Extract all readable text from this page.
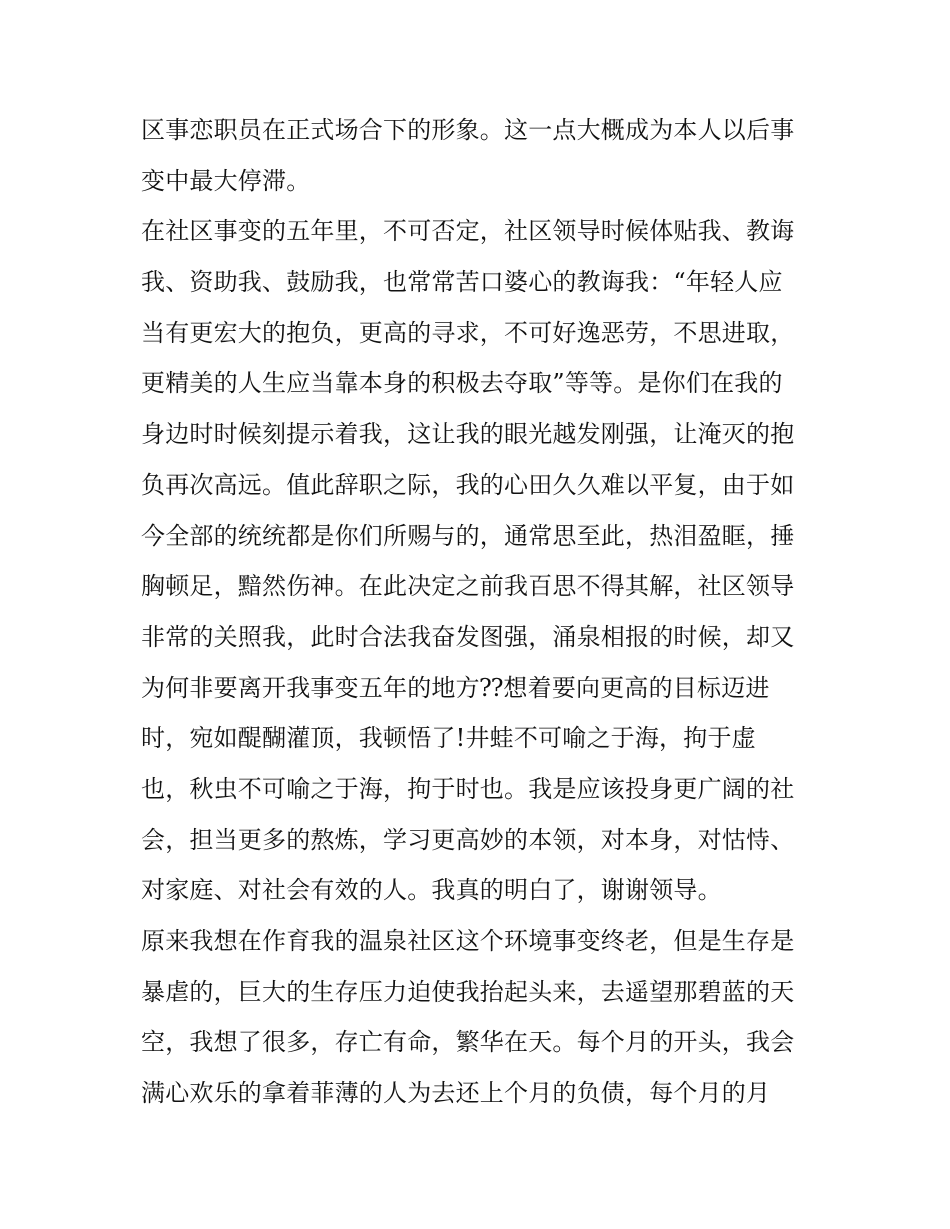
区事恋职员在正式场合下的形象。这一点大概成为本人以后事
变中最大停滞。
在社区事变的五年里，不可否定，社区领导时候体贴我、教诲
我、资助我、鼓励我，也常常苦口婆心的教诲我：“年轻人应
当有更宏大的抱负，更高的寻求，不可好逸恶劳，不思进取，
更精美的人生应当靠本身的积极去夺取”等等。是你们在我的
身边时时候刻提示着我，这让我的眼光越发刚强，让淹灭的抱
负再次高远。值此辞职之际，我的心田久久难以平复，由于如
今全部的统统都是你们所赐与的，通常思至此，热泪盈眶，捶
胸顿足，黯然伤神。在此决定之前我百思不得其解，社区领导
非常的关照我，此时合法我奋发图强，涌泉相报的时候，却又
为何非要离开我事变五年的地方⁇想着要向更高的目标迈进
时，宛如醍醐灌顶，我顿悟了!井蛙不可喻之于海，拘于虚
也，秋虫不可喻之于海，拘于时也。我是应该投身更广阔的社
会，担当更多的熬炼，学习更高妙的本领，对本身，对怙恃、
对家庭、对社会有效的人。我真的明白了，谢谢领导。
原来我想在作育我的温泉社区这个环境事变终老，但是生存是
暴虐的，巨大的生存压力迫使我抬起头来，去遥望那碧蓝的天
空，我想了很多，存亡有命，繁华在天。每个月的开头，我会
满心欢乐的拿着菲薄的人为去还上个月的负债，每个月的月
